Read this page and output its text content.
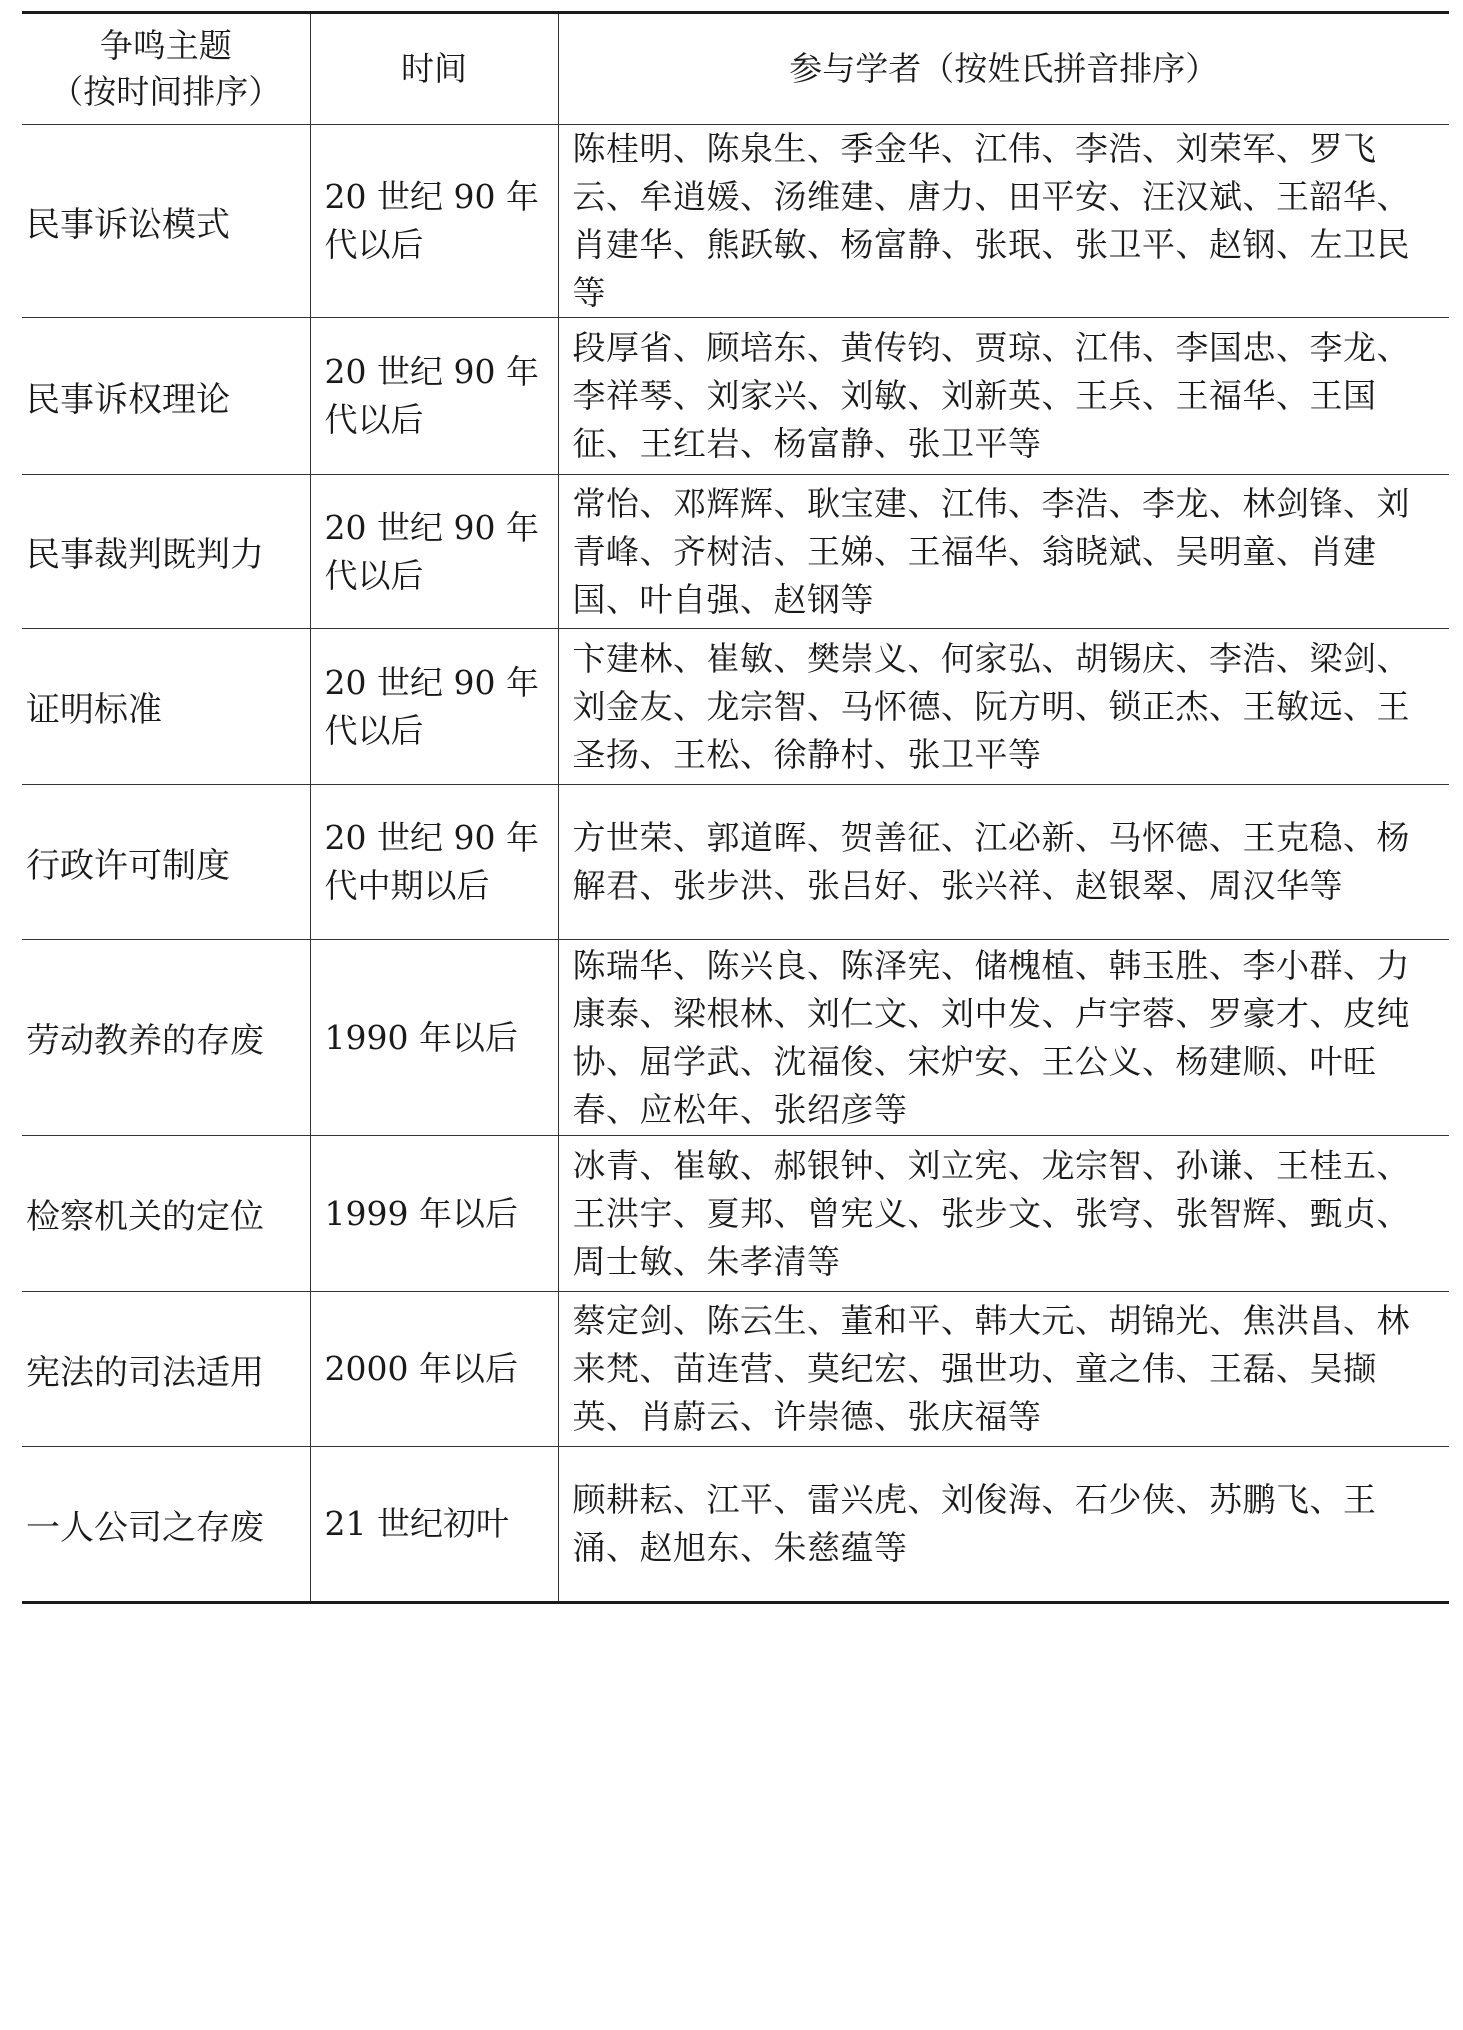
争鸣主题
（按时间排序）	时间	参与学者（按姓氏拼音排序）
民事诉讼模式	20 世纪 90 年代以后	陈桂明、陈泉生、季金华、江伟、李浩、刘荣军、罗飞云、牟逍媛、汤维建、唐力、田平安、汪汉斌、王韶华、肖建华、熊跃敏、杨富静、张珉、张卫平、赵钢、左卫民等
民事诉权理论	20 世纪 90 年代以后	段厚省、顾培东、黄传钧、贾琼、江伟、李国忠、李龙、李祥琴、刘家兴、刘敏、刘新英、王兵、王福华、王国征、王红岩、杨富静、张卫平等
民事裁判既判力	20 世纪 90 年代以后	常怡、邓辉辉、耿宝建、江伟、李浩、李龙、林剑锋、刘青峰、齐树洁、王娣、王福华、翁晓斌、吴明童、肖建国、叶自强、赵钢等
证明标准	20 世纪 90 年代以后	卞建林、崔敏、樊崇义、何家弘、胡锡庆、李浩、梁剑、刘金友、龙宗智、马怀德、阮方明、锁正杰、王敏远、王圣扬、王松、徐静村、张卫平等
行政许可制度	20 世纪 90 年代中期以后	方世荣、郭道晖、贺善征、江必新、马怀德、王克稳、杨解君、张步洪、张吕好、张兴祥、赵银翠、周汉华等
劳动教养的存废	1990 年以后	陈瑞华、陈兴良、陈泽宪、储槐植、韩玉胜、李小群、力康泰、梁根林、刘仁文、刘中发、卢宇蓉、罗豪才、皮纯协、屈学武、沈福俊、宋炉安、王公义、杨建顺、叶旺春、应松年、张绍彦等
检察机关的定位	1999 年以后	冰青、崔敏、郝银钟、刘立宪、龙宗智、孙谦、王桂五、王洪宇、夏邦、曾宪义、张步文、张穹、张智辉、甄贞、周士敏、朱孝清等
宪法的司法适用	2000 年以后	蔡定剑、陈云生、董和平、韩大元、胡锦光、焦洪昌、林来梵、苗连营、莫纪宏、强世功、童之伟、王磊、吴撷英、肖蔚云、许崇德、张庆福等
一人公司之存废	21 世纪初叶	顾耕耘、江平、雷兴虎、刘俊海、石少侠、苏鹏飞、王涌、赵旭东、朱慈蕴等
